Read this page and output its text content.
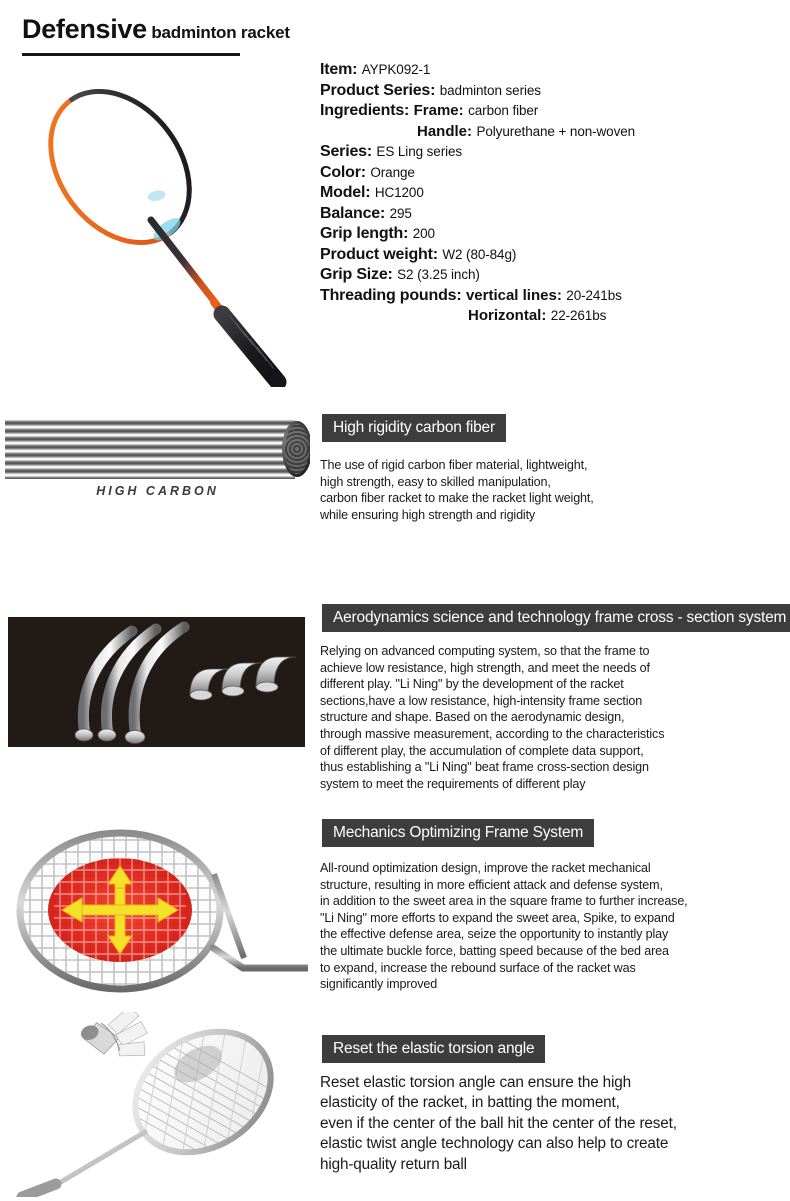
Defensive badminton racket
Item: AYPK092-1
Product Series: badminton series
Ingredients: Frame: carbon fiber
Handle: Polyurethane + non-woven
Series: ES Ling series
Color: Orange
Model: HC1200
Balance: 295
Grip length: 200
Product weight: W2 (80-84g)
Grip Size: S2 (3.25 inch)
Threading pounds: vertical lines: 20-241bs
Horizontal: 22-261bs
HIGH CARBON
High rigidity carbon fiber
The use of rigid carbon fiber material, lightweight,
high strength, easy to skilled manipulation,
carbon fiber racket to make the racket light weight,
while ensuring high strength and rigidity
Aerodynamics science and technology frame cross - section system
Relying on advanced computing system, so that the frame to
achieve low resistance, high strength, and meet the needs of
different play. "Li Ning" by the development of the racket
sections,have a low resistance, high-intensity frame section
structure and shape. Based on the aerodynamic design,
through massive measurement, according to the characteristics
of different play, the accumulation of complete data support,
thus establishing a "Li Ning" beat frame cross-section design
system to meet the requirements of different play
Mechanics Optimizing Frame System
All-round optimization design, improve the racket mechanical
structure, resulting in more efficient attack and defense system,
in addition to the sweet area in the square frame to further increase,
"Li Ning" more efforts to expand the sweet area, Spike, to expand
the effective defense area, seize the opportunity to instantly play
the ultimate buckle force, batting speed because of the bed area
to expand, increase the rebound surface of the racket was
significantly improved
Reset the elastic torsion angle
Reset elastic torsion angle can ensure the high
elasticity of the racket, in batting the moment,
even if the center of the ball hit the center of the reset,
elastic twist angle technology can also help to create
high-quality return ball
